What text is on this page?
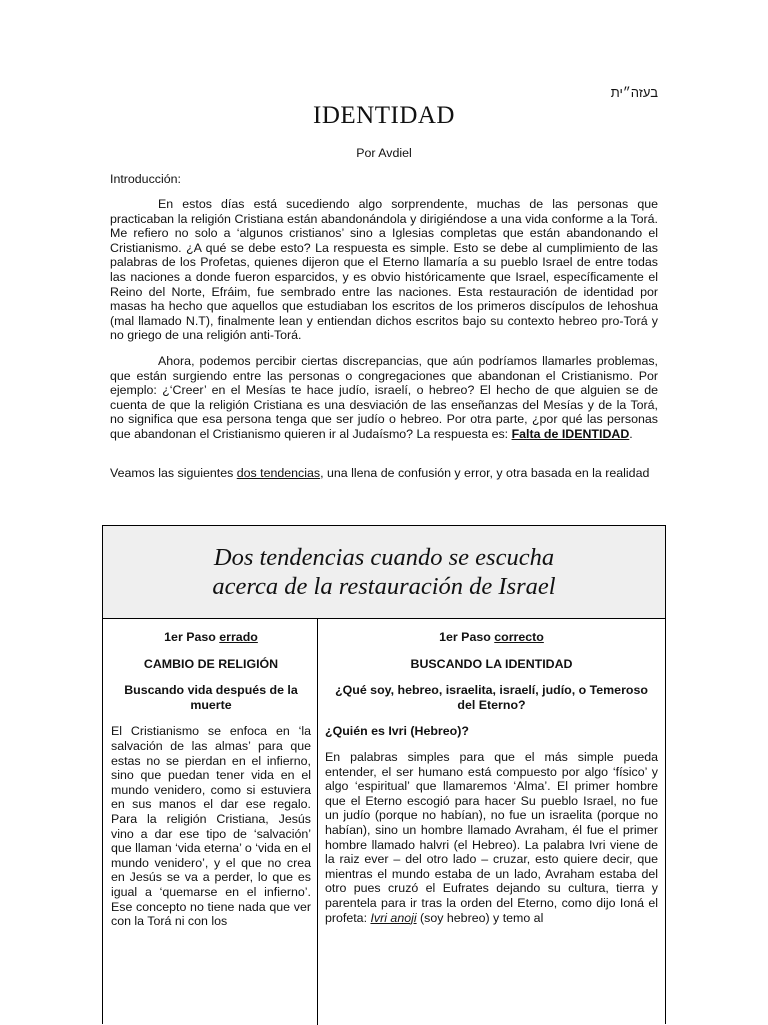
בעזה״ית
IDENTIDAD
Por Avdiel
Introducción:

En estos días está sucediendo algo sorprendente, muchas de las personas que practicaban la religión Cristiana están abandonándola y dirigiéndose a una vida conforme a la Torá. Me refiero no solo a ‘algunos cristianos’ sino a Iglesias completas que están abandonando el Cristianismo. ¿A qué se debe esto? La respuesta es simple. Esto se debe al cumplimiento de las palabras de los Profetas, quienes dijeron que el Eterno llamaría a su pueblo Israel de entre todas las naciones a donde fueron esparcidos, y es obvio históricamente que Israel, específicamente el Reino del Norte, Efráim, fue sembrado entre las naciones. Esta restauración de identidad por masas ha hecho que aquellos que estudiaban los escritos de los primeros discípulos de Iehoshua (mal llamado N.T), finalmente lean y entiendan dichos escritos bajo su contexto hebreo pro-Torá y no griego de una religión anti-Torá.

Ahora, podemos percibir ciertas discrepancias, que aún podríamos llamarles problemas, que están surgiendo entre las personas o congregaciones que abandonan el Cristianismo. Por ejemplo: ¿‘Creer’ en el Mesías te hace judío, israelí, o hebreo? El hecho de que alguien se de cuenta de que la religión Cristiana es una desviación de las enseñanzas del Mesías y de la Torá, no significa que esa persona tenga que ser judío o hebreo. Por otra parte, ¿por qué las personas que abandonan el Cristianismo quieren ir al Judaísmo? La respuesta es: Falta de IDENTIDAD.

Veamos las siguientes dos tendencias, una llena de confusión y error, y otra basada en la realidad

Dos tendencias cuando se escucha
acerca de la restauración de Israel

1er Paso errado

CAMBIO DE RELIGIÓN

Buscando vida después de la muerte

El Cristianismo se enfoca en ‘la salvación de las almas’ para que estas no se pierdan en el infierno, sino que puedan tener vida en el mundo venidero, como si estuviera en sus manos el dar ese regalo. Para la religión Cristiana, Jesús vino a dar ese tipo de ‘salvación’ que llaman ‘vida eterna’ o ‘vida en el mundo venidero’, y el que no crea en Jesús se va a perder, lo que es igual a ‘quemarse en el infierno’. Ese concepto no tiene nada que ver con la Torá ni con los

1er Paso correcto

BUSCANDO LA IDENTIDAD

¿Qué soy, hebreo, israelita, israelí, judío, o Temeroso del Eterno?

¿Quién es Ivri (Hebreo)?

En palabras simples para que el más simple pueda entender, el ser humano está compuesto por algo ‘físico’ y algo ‘espiritual’ que llamaremos ‘Alma’. El primer hombre que el Eterno escogió para hacer Su pueblo Israel, no fue un judío (porque no habían), no fue un israelita (porque no habían), sino un hombre llamado Avraham, él fue el primer hombre llamado halvri (el Hebreo). La palabra Ivri viene de la raiz ever – del otro lado – cruzar, esto quiere decir, que mientras el mundo estaba de un lado, Avraham estaba del otro pues cruzó el Eufrates dejando su cultura, tierra y parentela para ir tras la orden del Eterno, como dijo Ioná el profeta: Ivri anoji (soy hebreo) y temo al
